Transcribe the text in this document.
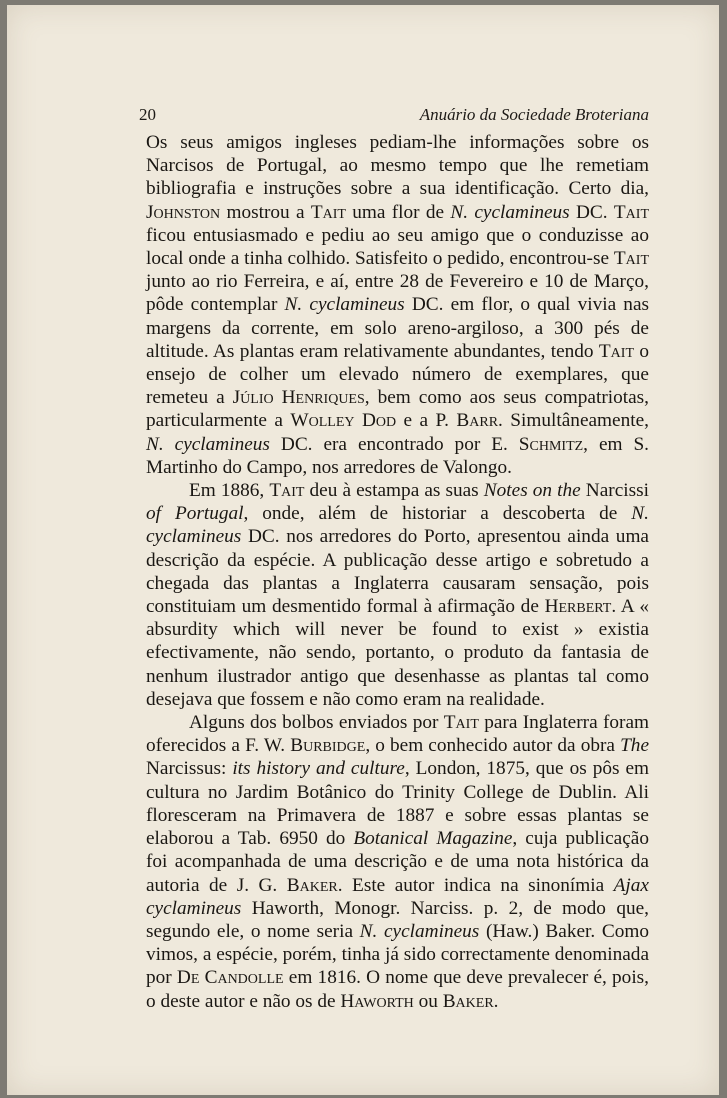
20	Anuário da Sociedade Broteriana

Os seus amigos ingleses pediam-lhe informações sobre os Narcisos de Portugal, ao mesmo tempo que lhe remetiam bibliografia e instruções sobre a sua identificação. Certo dia, Johnston mostrou a Tait uma flor de N. cyclamineus DC. Tait ficou entusiasmado e pediu ao seu amigo que o conduzisse ao local onde a tinha colhido. Satisfeito o pedido, encontrou-se Tait junto ao rio Ferreira, e aí, entre 28 de Fevereiro e 10 de Março, pôde contemplar N. cyclamineus DC. em flor, o qual vivia nas margens da corrente, em solo areno-argiloso, a 300 pés de altitude. As plantas eram relativamente abundantes, tendo Tait o ensejo de colher um elevado número de exemplares, que remeteu a Júlio Henriques, bem como aos seus compatriotas, particularmente a Wolley Dod e a P. Barr. Simultâneamente, N. cyclamineus DC. era encontrado por E. Schmitz, em S. Martinho do Campo, nos arredores de Valongo.

Em 1886, Tait deu à estampa as suas Notes on the Narcissi of Portugal, onde, além de historiar a descoberta de N. cyclamineus DC. nos arredores do Porto, apresentou ainda uma descrição da espécie. A publicação desse artigo e sobretudo a chegada das plantas a Inglaterra causaram sensação, pois constituiam um desmentido formal à afirmação de Herbert. A « absurdity which will never be found to exist » existia efectivamente, não sendo, portanto, o produto da fantasia de nenhum ilustrador antigo que desenhasse as plantas tal como desejava que fossem e não como eram na realidade.

Alguns dos bolbos enviados por Tait para Inglaterra foram oferecidos a F. W. Burbidge, o bem conhecido autor da obra The Narcissus: its history and culture, London, 1875, que os pôs em cultura no Jardim Botânico do Trinity College de Dublin. Ali floresceram na Primavera de 1887 e sobre essas plantas se elaborou a Tab. 6950 do Botanical Magazine, cuja publicação foi acompanhada de uma descrição e de uma nota histórica da autoria de J. G. Baker. Este autor indica na sinonímia Ajax cyclamineus Haworth, Monogr. Narciss. p. 2, de modo que, segundo ele, o nome seria N. cyclamineus (Haw.) Baker. Como vimos, a espécie, porém, tinha já sido correctamente denominada por De Candolle em 1816. O nome que deve prevalecer é, pois, o deste autor e não os de Haworth ou Baker.
